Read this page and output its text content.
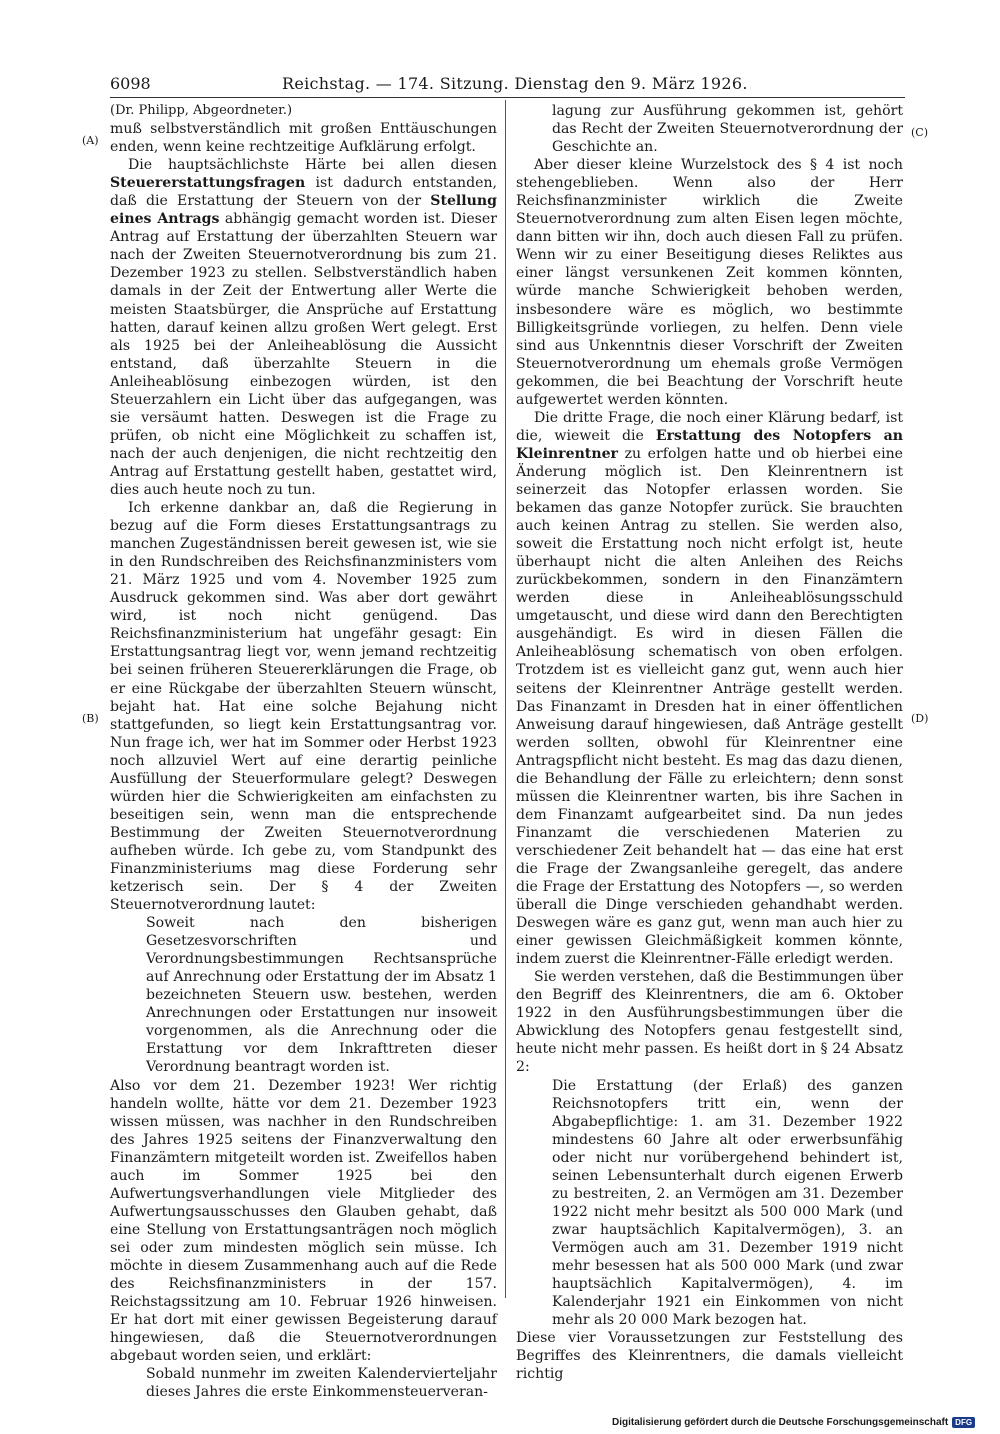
6098	Reichstag. — 174. Sitzung. Dienstag den 9. März 1926.
(A)
(B)
(C)
(D)

(Dr. Philipp, Abgeordneter.)

muß selbstverständlich mit großen Enttäuschungen enden, wenn keine rechtzeitige Aufklärung erfolgt.

Die hauptsächlichste Härte bei allen diesen Steuererstattungsfragen ist dadurch entstanden, daß die Erstattung der Steuern von der Stellung eines Antrags abhängig gemacht worden ist. Dieser Antrag auf Erstattung der überzahlten Steuern war nach der Zweiten Steuernotverordnung bis zum 21. Dezember 1923 zu stellen. Selbstverständlich haben damals in der Zeit der Entwertung aller Werte die meisten Staatsbürger, die Ansprüche auf Erstattung hatten, darauf keinen allzu großen Wert gelegt. Erst als 1925 bei der Anleiheablösung die Aussicht entstand, daß überzahlte Steuern in die Anleiheablösung einbezogen würden, ist den Steuerzahlern ein Licht über das aufgegangen, was sie versäumt hatten. Deswegen ist die Frage zu prüfen, ob nicht eine Möglichkeit zu schaffen ist, nach der auch denjenigen, die nicht rechtzeitig den Antrag auf Erstattung gestellt haben, gestattet wird, dies auch heute noch zu tun.

Ich erkenne dankbar an, daß die Regierung in bezug auf die Form dieses Erstattungsantrags zu manchen Zugeständnissen bereit gewesen ist, wie sie in den Rundschreiben des Reichsfinanzministers vom 21. März 1925 und vom 4. November 1925 zum Ausdruck gekommen sind. Was aber dort gewährt wird, ist noch nicht genügend. Das Reichsfinanzministerium hat ungefähr gesagt: Ein Erstattungsantrag liegt vor, wenn jemand rechtzeitig bei seinen früheren Steuererklärungen die Frage, ob er eine Rückgabe der überzahlten Steuern wünscht, bejaht hat. Hat eine solche Bejahung nicht stattgefunden, so liegt kein Erstattungsantrag vor. Nun frage ich, wer hat im Sommer oder Herbst 1923 noch allzuviel Wert auf eine derartig peinliche Ausfüllung der Steuerformulare gelegt? Deswegen würden hier die Schwierigkeiten am einfachsten zu beseitigen sein, wenn man die entsprechende Bestimmung der Zweiten Steuernotverordnung aufheben würde. Ich gebe zu, vom Standpunkt des Finanzministeriums mag diese Forderung sehr ketzerisch sein. Der § 4 der Zweiten Steuernotverordnung lautet:

Soweit nach den bisherigen Gesetzesvorschriften und Verordnungsbestimmungen Rechtsansprüche auf Anrechnung oder Erstattung der im Absatz 1 bezeichneten Steuern usw. bestehen, werden Anrechnungen oder Erstattungen nur insoweit vorgenommen, als die Anrechnung oder die Erstattung vor dem Inkrafttreten dieser Verordnung beantragt worden ist.

Also vor dem 21. Dezember 1923! Wer richtig handeln wollte, hätte vor dem 21. Dezember 1923 wissen müssen, was nachher in den Rundschreiben des Jahres 1925 seitens der Finanzverwaltung den Finanzämtern mitgeteilt worden ist. Zweifellos haben auch im Sommer 1925 bei den Aufwertungsverhandlungen viele Mitglieder des Aufwertungsausschusses den Glauben gehabt, daß eine Stellung von Erstattungsanträgen noch möglich sei oder zum mindesten möglich sein müsse. Ich möchte in diesem Zusammenhang auch auf die Rede des Reichsfinanzministers in der 157. Reichstagssitzung am 10. Februar 1926 hinweisen. Er hat dort mit einer gewissen Begeisterung darauf hingewiesen, daß die Steuernotverordnungen abgebaut worden seien, und erklärt:

Sobald nunmehr im zweiten Kalendervierteljahr dieses Jahres die erste Einkommensteuerveran-

lagung zur Ausführung gekommen ist, gehört das Recht der Zweiten Steuernotverordnung der Geschichte an.

Aber dieser kleine Wurzelstock des § 4 ist noch stehengeblieben. Wenn also der Herr Reichsfinanzminister wirklich die Zweite Steuernotverordnung zum alten Eisen legen möchte, dann bitten wir ihn, doch auch diesen Fall zu prüfen. Wenn wir zu einer Beseitigung dieses Reliktes aus einer längst versunkenen Zeit kommen könnten, würde manche Schwierigkeit behoben werden, insbesondere wäre es möglich, wo bestimmte Billigkeitsgründe vorliegen, zu helfen. Denn viele sind aus Unkenntnis dieser Vorschrift der Zweiten Steuernotverordnung um ehemals große Vermögen gekommen, die bei Beachtung der Vorschrift heute aufgewertet werden könnten.

Die dritte Frage, die noch einer Klärung bedarf, ist die, wieweit die Erstattung des Notopfers an Kleinrentner zu erfolgen hatte und ob hierbei eine Änderung möglich ist. Den Kleinrentnern ist seinerzeit das Notopfer erlassen worden. Sie bekamen das ganze Notopfer zurück. Sie brauchten auch keinen Antrag zu stellen. Sie werden also, soweit die Erstattung noch nicht erfolgt ist, heute überhaupt nicht die alten Anleihen des Reichs zurückbekommen, sondern in den Finanzämtern werden diese in Anleiheablösungsschuld umgetauscht, und diese wird dann den Berechtigten ausgehändigt. Es wird in diesen Fällen die Anleiheablösung schematisch von oben erfolgen. Trotzdem ist es vielleicht ganz gut, wenn auch hier seitens der Kleinrentner Anträge gestellt werden. Das Finanzamt in Dresden hat in einer öffentlichen Anweisung darauf hingewiesen, daß Anträge gestellt werden sollten, obwohl für Kleinrentner eine Antragspflicht nicht besteht. Es mag das dazu dienen, die Behandlung der Fälle zu erleichtern; denn sonst müssen die Kleinrentner warten, bis ihre Sachen in dem Finanzamt aufgearbeitet sind. Da nun jedes Finanzamt die verschiedenen Materien zu verschiedener Zeit behandelt hat — das eine hat erst die Frage der Zwangsanleihe geregelt, das andere die Frage der Erstattung des Notopfers —, so werden überall die Dinge verschieden gehandhabt werden. Deswegen wäre es ganz gut, wenn man auch hier zu einer gewissen Gleichmäßigkeit kommen könnte, indem zuerst die Kleinrentner-Fälle erledigt werden.

Sie werden verstehen, daß die Bestimmungen über den Begriff des Kleinrentners, die am 6. Oktober 1922 in den Ausführungsbestimmungen über die Abwicklung des Notopfers genau festgestellt sind, heute nicht mehr passen. Es heißt dort in § 24 Absatz 2:

Die Erstattung (der Erlaß) des ganzen Reichsnotopfers tritt ein, wenn der Abgabepflichtige: 1. am 31. Dezember 1922 mindestens 60 Jahre alt oder erwerbsunfähig oder nicht nur vorübergehend behindert ist, seinen Lebensunterhalt durch eigenen Erwerb zu bestreiten, 2. an Vermögen am 31. Dezember 1922 nicht mehr besitzt als 500 000 Mark (und zwar hauptsächlich Kapitalvermögen), 3. an Vermögen auch am 31. Dezember 1919 nicht mehr besessen hat als 500 000 Mark (und zwar hauptsächlich Kapitalvermögen), 4. im Kalenderjahr 1921 ein Einkommen von nicht mehr als 20 000 Mark bezogen hat.

Diese vier Voraussetzungen zur Feststellung des Begriffes des Kleinrentners, die damals vielleicht richtig

Digitalisierung gefördert durch die Deutsche Forschungsgemeinschaft DFG
